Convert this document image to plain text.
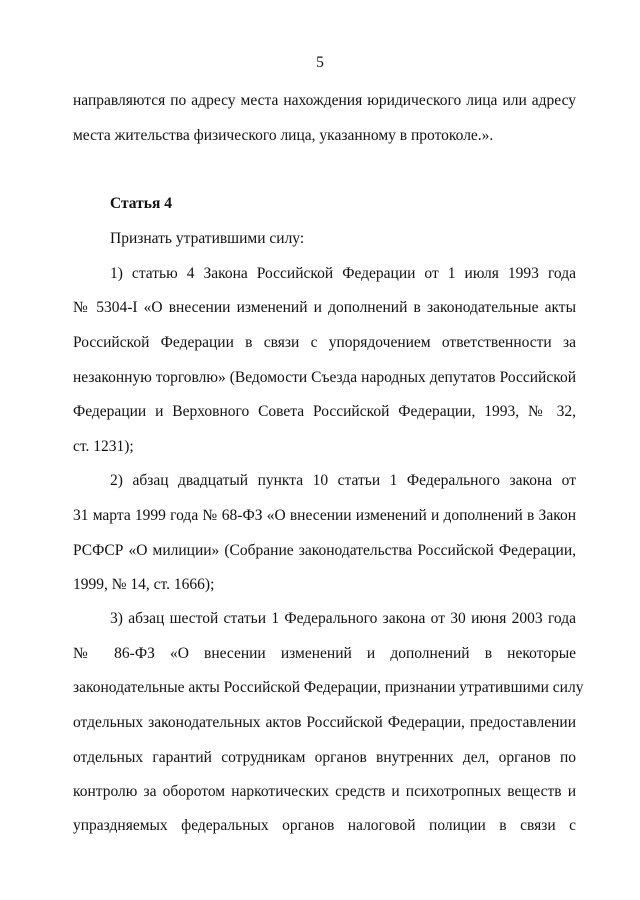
5
направляются по адресу места нахождения юридического лица или адресу
места жительства физического лица, указанному в протоколе.».
Статья 4
Признать утратившими силу:
1) статью 4 Закона Российской Федерации от 1 июля 1993 года
№ 5304-I «О внесении изменений и дополнений в законодательные акты
Российской Федерации в связи с упорядочением ответственности за
незаконную торговлю» (Ведомости Съезда народных депутатов Российской
Федерации и Верховного Совета Российской Федерации, 1993, № 32,
ст. 1231);
2) абзац двадцатый пункта 10 статьи 1 Федерального закона от
31 марта 1999 года № 68-ФЗ «О внесении изменений и дополнений в Закон
РСФСР «О милиции» (Собрание законодательства Российской Федерации,
1999, № 14, ст. 1666);
3) абзац шестой статьи 1 Федерального закона от 30 июня 2003 года
№ 86-ФЗ «О внесении изменений и дополнений в некоторые
законодательные акты Российской Федерации, признании утратившими силу
отдельных законодательных актов Российской Федерации, предоставлении
отдельных гарантий сотрудникам органов внутренних дел, органов по
контролю за оборотом наркотических средств и психотропных веществ и
упраздняемых федеральных органов налоговой полиции в связи с
